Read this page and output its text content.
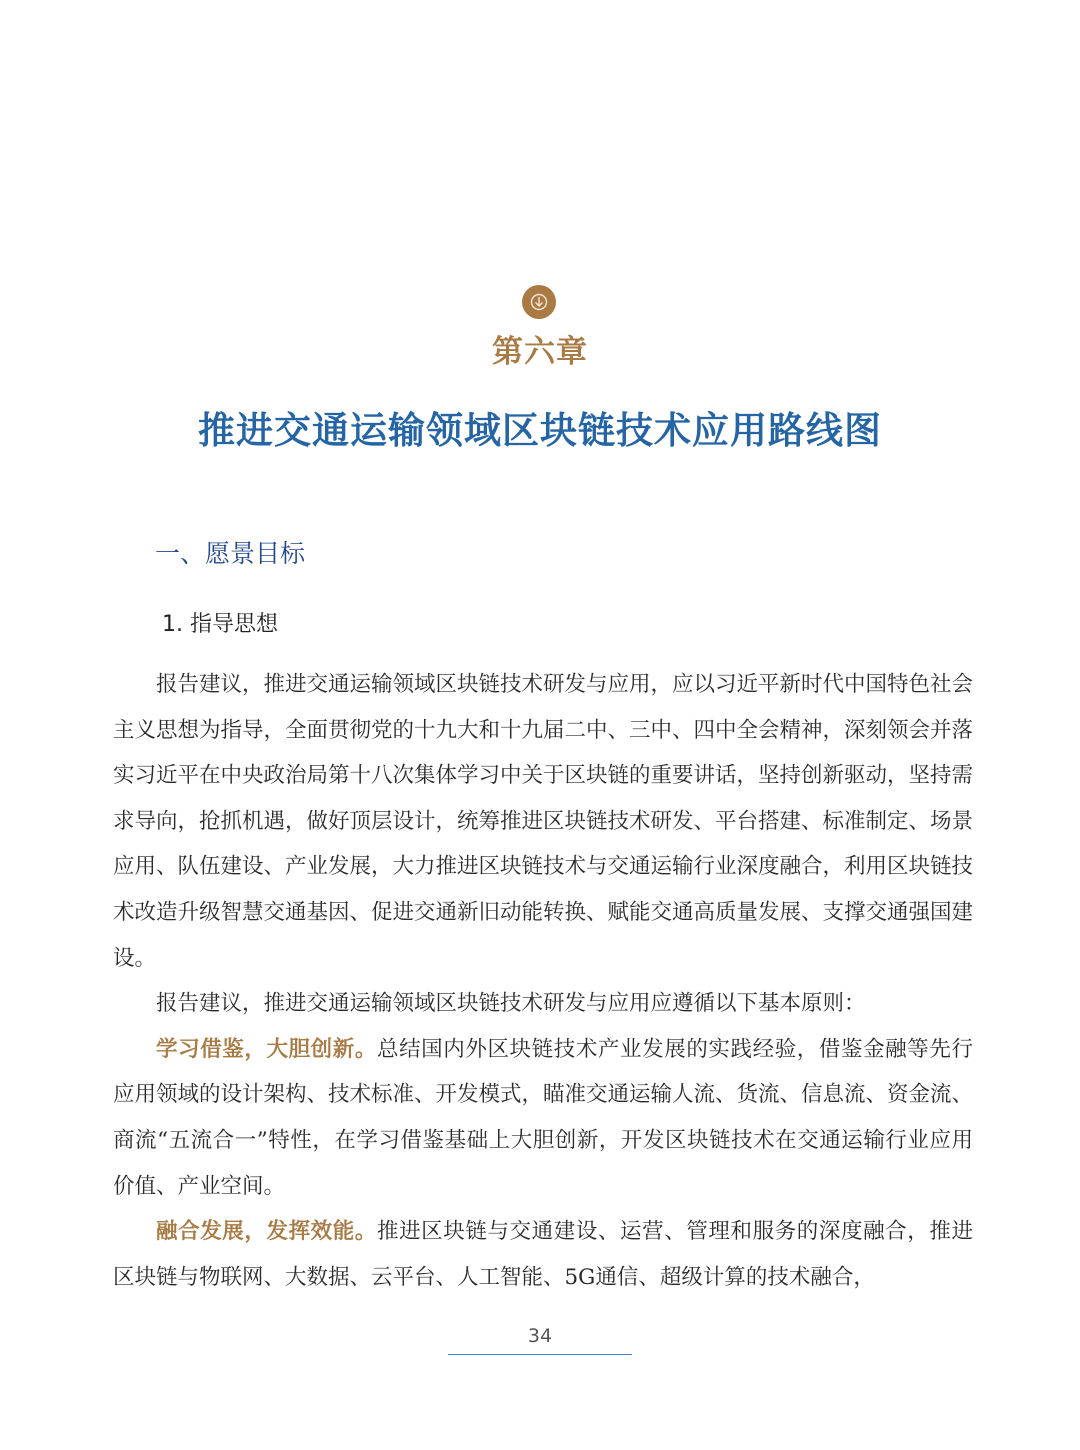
第六章
推进交通运输领域区块链技术应用路线图
一、愿景目标
1. 指导思想

报告建议，推进交通运输领域区块链技术研发与应用，应以习近平新时代中国特色社会主义思想为指导，全面贯彻党的十九大和十九届二中、三中、四中全会精神，深刻领会并落实习近平在中央政治局第十八次集体学习中关于区块链的重要讲话，坚持创新驱动，坚持需求导向，抢抓机遇，做好顶层设计，统筹推进区块链技术研发、平台搭建、标准制定、场景应用、队伍建设、产业发展，大力推进区块链技术与交通运输行业深度融合，利用区块链技术改造升级智慧交通基因、促进交通新旧动能转换、赋能交通高质量发展、支撑交通强国建设。

报告建议，推进交通运输领域区块链技术研发与应用应遵循以下基本原则：

学习借鉴，大胆创新。总结国内外区块链技术产业发展的实践经验，借鉴金融等先行应用领域的设计架构、技术标准、开发模式，瞄准交通运输人流、货流、信息流、资金流、商流“五流合一”特性，在学习借鉴基础上大胆创新，开发区块链技术在交通运输行业应用价值、产业空间。

融合发展，发挥效能。推进区块链与交通建设、运营、管理和服务的深度融合，推进区块链与物联网、大数据、云平台、人工智能、5G通信、超级计算的技术融合，

34
